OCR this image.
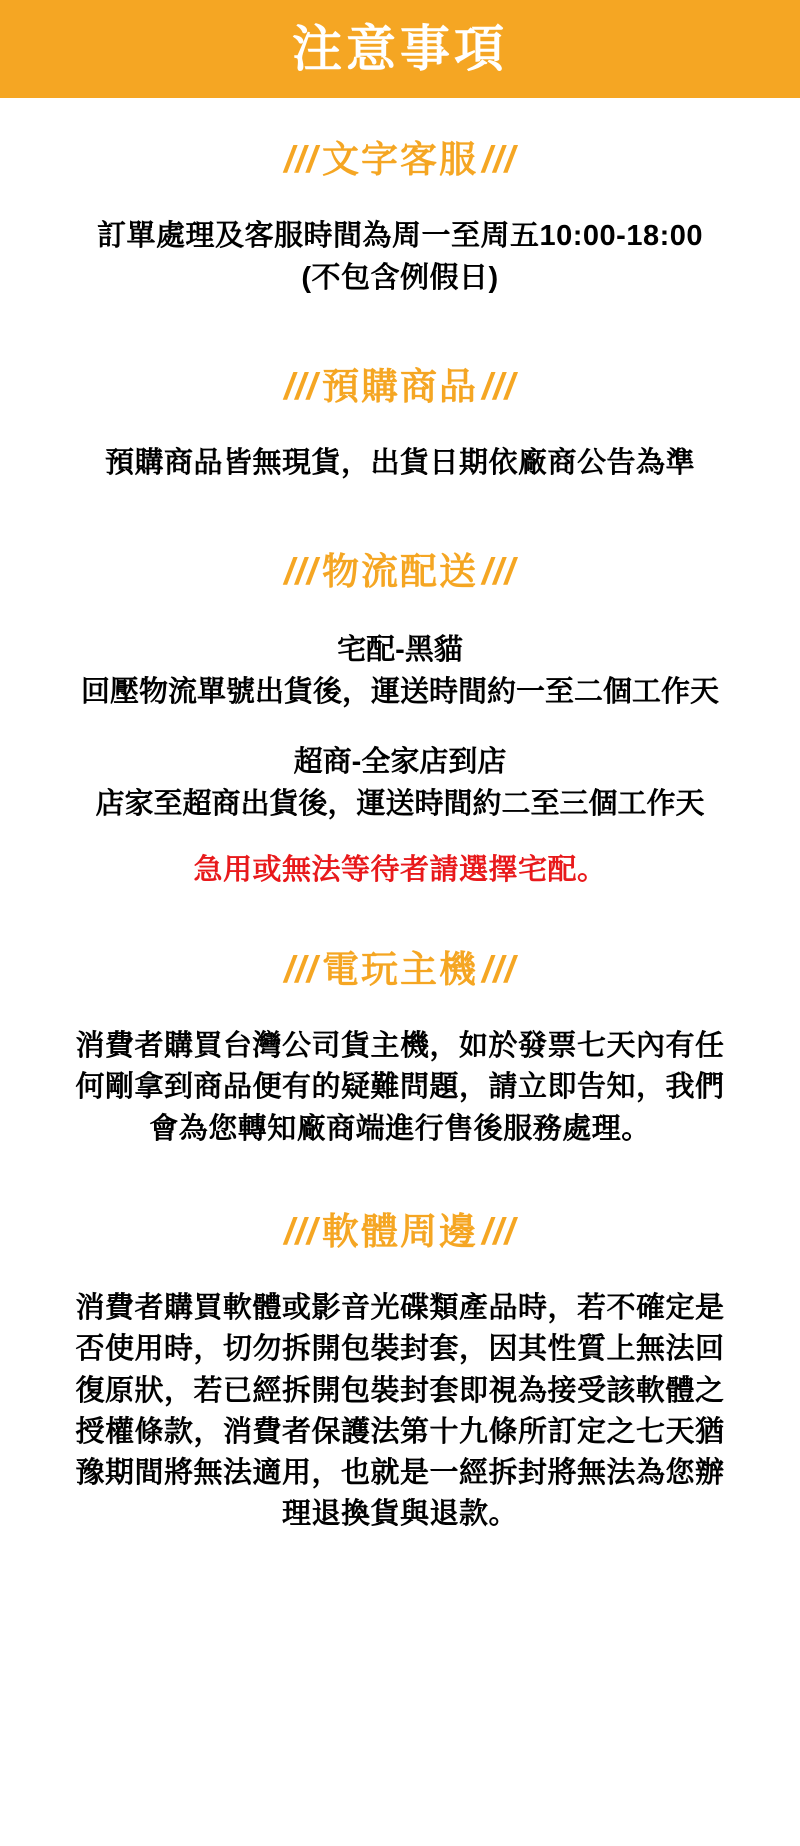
注意事項
/// 文字客服 ///
訂單處理及客服時間為周一至周五10:00-18:00
(不包含例假日)
/// 預購商品 ///
預購商品皆無現貨，出貨日期依廠商公告為準
/// 物流配送 ///
宅配-黑貓
回壓物流單號出貨後，運送時間約一至二個工作天
超商-全家店到店
店家至超商出貨後，運送時間約二至三個工作天
急用或無法等待者請選擇宅配。
/// 電玩主機 ///
消費者購買台灣公司貨主機，如於發票七天內有任
何剛拿到商品便有的疑難問題，請立即告知，我們
會為您轉知廠商端進行售後服務處理。
/// 軟體周邊 ///
消費者購買軟體或影音光碟類產品時，若不確定是
否使用時，切勿拆開包裝封套，因其性質上無法回
復原狀，若已經拆開包裝封套即視為接受該軟體之
授權條款，消費者保護法第十九條所訂定之七天猶
豫期間將無法適用，也就是一經拆封將無法為您辦
理退換貨與退款。
